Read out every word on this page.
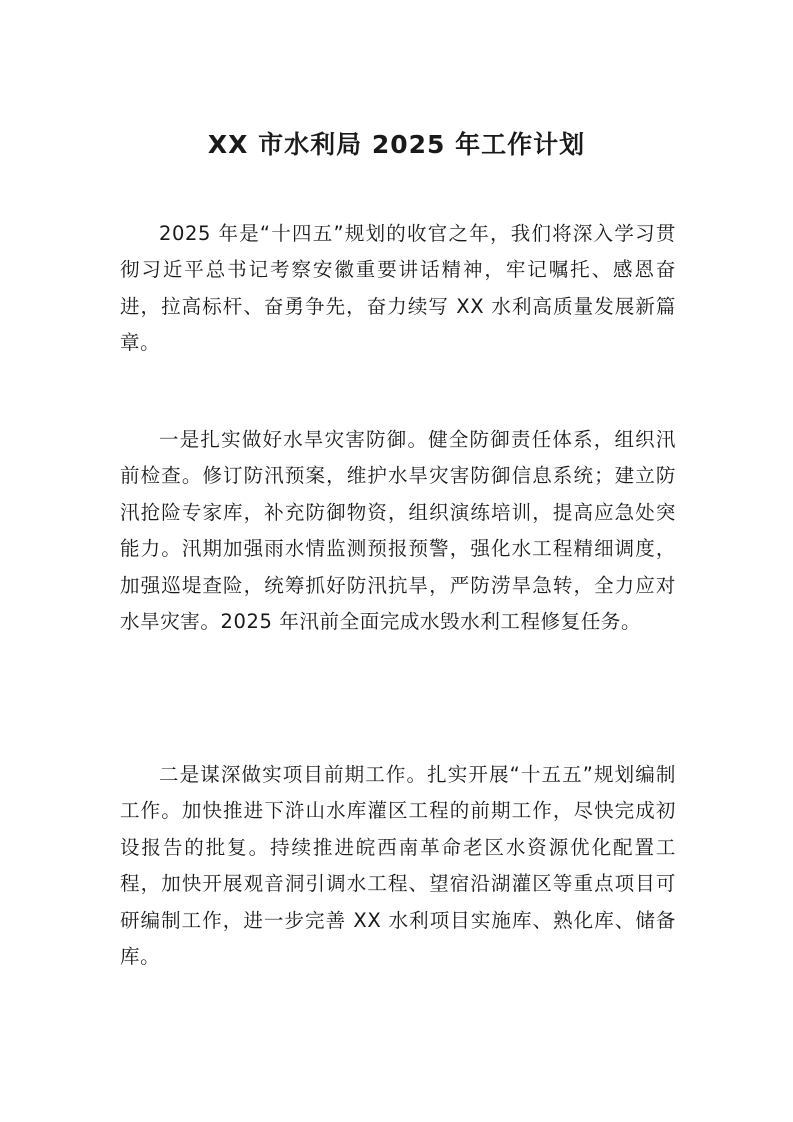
XX 市水利局 2025 年工作计划

2025 年是“十四五”规划的收官之年，我们将深入学习贯彻习近平总书记考察安徽重要讲话精神，牢记嘱托、感恩奋进，拉高标杆、奋勇争先，奋力续写 XX 水利高质量发展新篇章。

一是扎实做好水旱灾害防御。健全防御责任体系，组织汛前检查。修订防汛预案，维护水旱灾害防御信息系统；建立防汛抢险专家库，补充防御物资，组织演练培训，提高应急处突能力。汛期加强雨水情监测预报预警，强化水工程精细调度，加强巡堤查险，统筹抓好防汛抗旱，严防涝旱急转，全力应对水旱灾害。2025 年汛前全面完成水毁水利工程修复任务。

二是谋深做实项目前期工作。扎实开展“十五五”规划编制工作。加快推进下浒山水库灌区工程的前期工作，尽快完成初设报告的批复。持续推进皖西南革命老区水资源优化配置工程，加快开展观音洞引调水工程、望宿沿湖灌区等重点项目可研编制工作，进一步完善 XX 水利项目实施库、熟化库、储备库。
